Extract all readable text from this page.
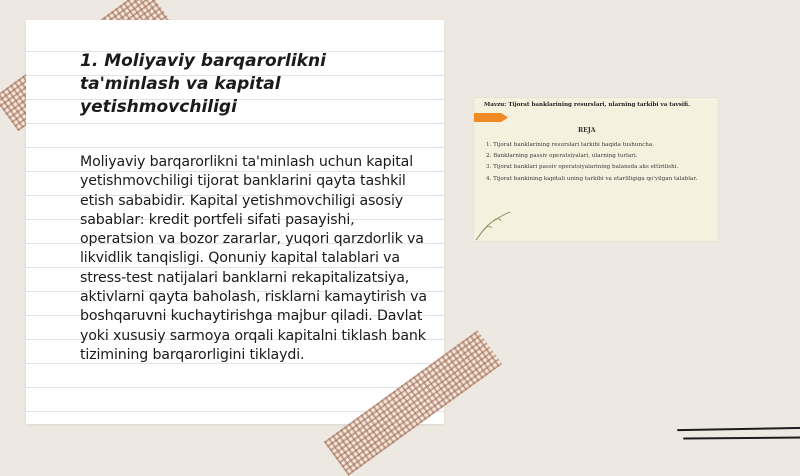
1. Moliyaviy barqarorlikni ta'minlash va kapital yetishmovchiligi

Moliyaviy barqarorlikni ta'minlash uchun kapital yetishmovchiligi tijorat banklarini qayta tashkil etish sababidir. Kapital yetishmovchiligi asosiy sabablar: kredit portfeli sifati pasayishi, operatsion va bozor zararlar, yuqori qarzdorlik va likvidlik tanqisligi. Qonuniy kapital talablari va stress-test natijalari banklarni rekapitalizatsiya, aktivlarni qayta baholash, risklarni kamaytirish va boshqaruvni kuchaytirishga majbur qiladi. Davlat yoki xususiy sarmoya orqali kapitalni tiklash bank tizimining barqarorligini tiklaydi.

Mavzu: Tijorat banklarining resurslari, ularning tarkibi va tavsifi.
REJA
1. Tijorat banklarining resurslari tarkibi haqida tushuncha.
2. Banklarning passiv operatsiyalari, ularning turlari.
3. Tijorat banklari passiv operatsiyalarining balansda aks ettirilishi.
4. Tijorat bankining kapitali uning tarkibi va etarliligiga qo'yilgan talablar.
